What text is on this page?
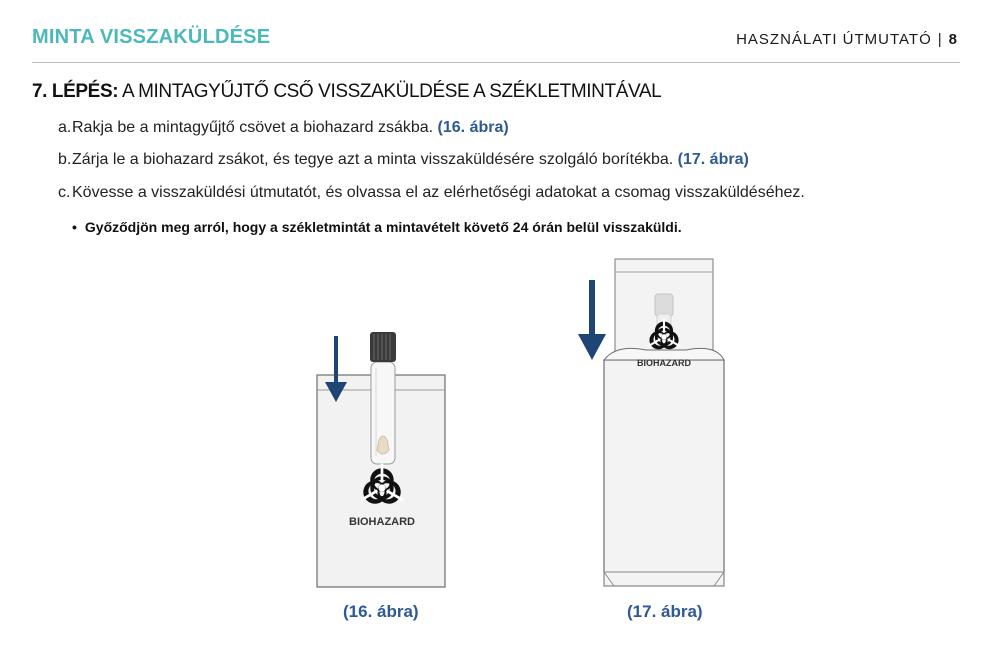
MINTA VISSZAKÜLDÉSE	HASZNÁLATI ÚTMUTATÓ | 8
7. LÉPÉS: A MINTAGYŰJTŐ CSŐ VISSZAKÜLDÉSE A SZÉKLETMINTÁVAL
a.Rakja be a mintagyűjtő csövet a biohazard zsákba. (16. ábra)
b.Zárja le a biohazard zsákot, és tegye azt a minta visszaküldésére szolgáló borítékba. (17. ábra)
c.Kövesse a visszaküldési útmutatót, és olvassa el az elérhetőségi adatokat a csomag visszaküldéséhez.
• Győződjön meg arról, hogy a székletmintát a mintavételt követő 24 órán belül visszaküldi.
BIOHAZARD
BIOHAZARD
(16. ábra)	(17. ábra)
